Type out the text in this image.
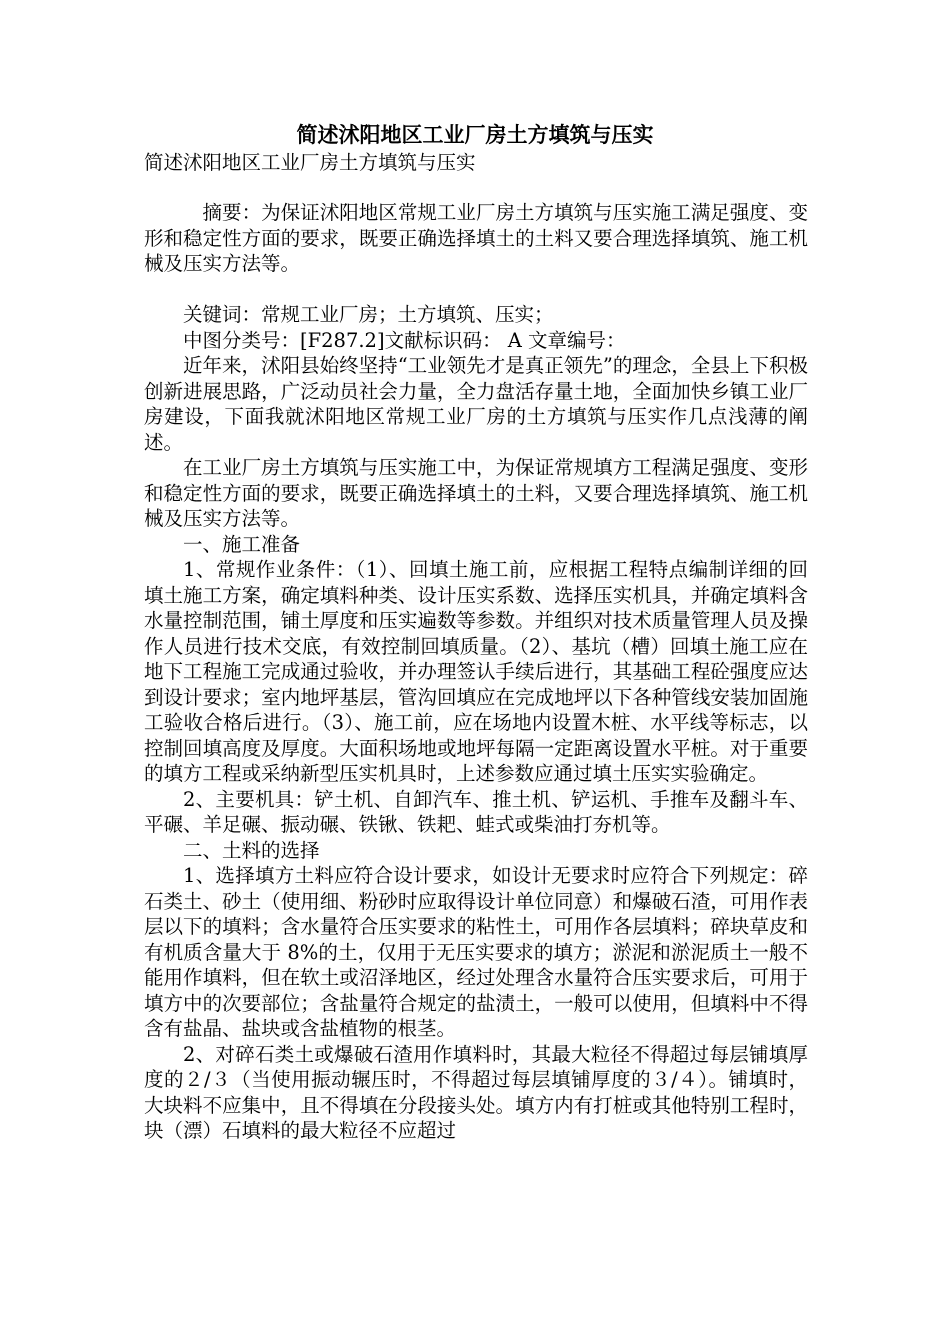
简述沭阳地区工业厂房土方填筑与压实
简述沭阳地区工业厂房土方填筑与压实

摘要：为保证沭阳地区常规工业厂房土方填筑与压实施工满足强度、变形和稳定性方面的要求，既要正确选择填土的土料又要合理选择填筑、施工机械及压实方法等。

关键词：常规工业厂房；土方填筑、压实；

中图分类号：[F287.2]文献标识码： A 文章编号：

近年来，沭阳县始终坚持“工业领先才是真正领先”的理念，全县上下积极创新进展思路，广泛动员社会力量，全力盘活存量土地，全面加快乡镇工业厂房建设，下面我就沭阳地区常规工业厂房的土方填筑与压实作几点浅薄的阐述。

在工业厂房土方填筑与压实施工中，为保证常规填方工程满足强度、变形和稳定性方面的要求，既要正确选择填土的土料，又要合理选择填筑、施工机械及压实方法等。

一、施工准备

1、常规作业条件：（1）、回填土施工前，应根据工程特点编制详细的回填土施工方案，确定填料种类、设计压实系数、选择压实机具，并确定填料含水量控制范围，铺土厚度和压实遍数等参数。并组织对技术质量管理人员及操作人员进行技术交底，有效控制回填质量。（2）、基坑（槽）回填土施工应在地下工程施工完成通过验收，并办理签认手续后进行，其基础工程砼强度应达到设计要求；室内地坪基层，管沟回填应在完成地坪以下各种管线安装加固施工验收合格后进行。（3）、施工前，应在场地内设置木桩、水平线等标志，以控制回填高度及厚度。大面积场地或地坪每隔一定距离设置水平桩。对于重要的填方工程或采纳新型压实机具时，上述参数应通过填土压实实验确定。

2、主要机具：铲土机、自卸汽车、推土机、铲运机、手推车及翻斗车、平碾、羊足碾、振动碾、铁锹、铁耙、蛙式或柴油打夯机等。

二、土料的选择

1、选择填方土料应符合设计要求，如设计无要求时应符合下列规定：碎石类土、砂土（使用细、粉砂时应取得设计单位同意）和爆破石渣，可用作表层以下的填料；含水量符合压实要求的粘性土，可用作各层填料；碎块草皮和有机质含量大于 8%的土，仅用于无压实要求的填方；淤泥和淤泥质土一般不能用作填料，但在软土或沼泽地区，经过处理含水量符合压实要求后，可用于填方中的次要部位；含盐量符合规定的盐渍土，一般可以使用，但填料中不得含有盐晶、盐块或含盐植物的根茎。

2、对碎石类土或爆破石渣用作填料时，其最大粒径不得超过每层铺填厚度的２/３（当使用振动辗压时，不得超过每层填铺厚度的３/４）。铺填时，大块料不应集中，且不得填在分段接头处。填方内有打桩或其他特别工程时，块（漂）石填料的最大粒径不应超过
